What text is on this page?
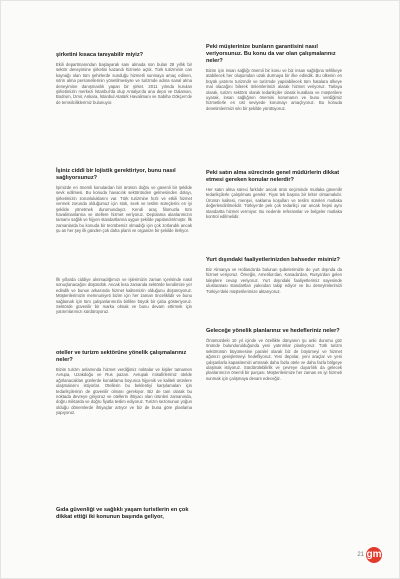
şirketini kısaca tanıyabilir miyiz?

Ekili departmanından başlayarak sanı almada son bulan 28 yıllık bir sektör deneyimine şirketini kazandı hizmete açtık. Türk turizminin can kaynağı olan tüm şehirlerde sunduğu hizmetli sunmaya amaç edinen, sıtrin alma personellerinin yönetilmesiyse ve turizmde adına sanal alma deneyimine danışmanlık yapan bir şirket. 2011 yılında kurulan şirketimizin merkezi İstanbul’da olup Antalya’da ana depo ve Dalaman, Bodrum, İzmir, Ankara, İstanbul Atatürk Havalimanı ve Sabiha Gökçen’de de temsilciliklerimiz bulunuyor.

İşiniz ciddi bir lojistik gerektiriyor, bunu nasıl sağlıyorsunuz?

İşimizde en önemli konulardan biri ürünün doğru ve güvenli bir şekilde sevk edilmesi. Bu konuda havacılık sektöründen gelmesinden dolayı, şirketimizin zorunluluklarını var. Türk turizmine hızlı ve etkili hizmet vermek zorunda olduğumuz için stok, sevk ve teslim süreçlerini en iyi şekilde yönetmek durumundayız. Kendi araç filomuzla tüm havalimanlarına ve otellere hizmet veriyoruz. Depolama alanlarımızın tamamı sağlık ve hijyen standartlarına uygun şekilde yapılandırılmıştır. İlk zamanlarda bu konuda bir tecrübemiz olmadığı için çok zorlandık ancak şu an her şey ilk günden çok daha planlı ve organize bir şekilde ilerliyor.
İlk yıllarda ciddiye alınmadığımızı ve işlerimizin zaman içerisinde nasıl sonuçlanacağını düşündük. Ancak kısa zamanda sektörde kendimize yer edindik ve bunun arkasında hizmet kalitemizin olduğunu düşünüyoruz. Müşterilerimizin memnuniyeti bizim için her zaman önceliklidir ve bunu sağlamak için tüm çalışanlarımızla birlikte büyük bir çaba gösteriyoruz. Sektörde güvenilir bir marka olmak ve bunu devam ettirmek için yatırımlarımızı sürdürüyoruz.

oteller ve turizm sektörüne yönelik çalışmalarınız neler?

Bizim turizm anlamında hizmet verdiğimiz noktalar ve kişiler tamamen Avrupa, Uzakdoğu ve Rus pazarı. Avrupalı misafirlerimiz otelde ağırlanacakları günlerde konaklama boyunca hijyenik ve kaliteli ürünlere ulaşmalarını istiyorlar. Otellerin bu beklentiyi karşılamaları için tedarikçilerinin de güvenilir olması gerekiyor. Biz de tam olarak bu noktada devreye giriyoruz ve otellerin ihtiyacı olan ürünleri zamanında, doğru miktarda ve doğru fiyatla teslim ediyoruz. Turizm sezonunun yoğun olduğu dönemlerde ihtiyaçlar artıyor ve biz de buna göre planlama yapıyoruz.

Gıda güvenliği ve sağlıklı yaşam turistlerin en çok dikkat ettiği iki konunun başında geliyor,

Peki müşterinize bunların garantisini nasıl veriyorsunuz. Bu konu da var olan çalışmalarınız neler?

Bizim için insan sağlığı önemli bir konu ve biz insan sağlığına tehlikeye atabilecek her oluşumdan uzak durmaya bir ilke edindik. Bu ülkenin en büyük yatırımı turizmdir ve turizmde yapılabilecek tüm hatalara ülkeye mal olacağını bilerek önlemlerimizi alarak hizmet veriyoruz. Tarlaya olarak, turizm sektörü olarak tedarikçiler olarak kurallara ve müşterilere uyarak, insan sağlığının önemini korumanın ve bunu verdiğimiz hizmetlerle en üst seviyede korumayı amaçlıyoruz. Bu konuda denetimlerimizi sıkı bir şekilde yürütüyoruz.

Peki satın alma sürecinde genel müdürlerin dikkat etmesi gereken konular nelerdir?

Her satın alma süreci farklıdır ancak ürün seçiminde mutlaka güvenilir tedarikçilerle çalışılması gerekir. Fiyat tek başına bir kriter olmamalıdır. Ürünün kalitesi, menşei, saklama koşulları ve teslim süreleri mutlaka değerlendirilmelidir. Türkiye’de pek çok tedarikçi var ancak hepsi aynı standartta hizmet vermiyor. Bu nedenle referanslar ve belgeler mutlaka kontrol edilmelidir.

Yurt dışındaki faaliyetlerinizden bahseder misiniz?

Biz Almanya ve Hollanda’da bulunan şubelerimizle de yurt dışında da hizmet veriyoruz. Örneğin, Amerika’dan, Kanada’dan, Rusya’dan gelen taleplere cevap veriyoruz. Yurt dışındaki faaliyetlerimiz sayesinde uluslararası standartları yakından takip ediyor ve bu deneyimlerimizi Türkiye’deki müşterilerimize aktarıyoruz.

Geleceğe yönelik planlarınız ve hedefleriniz neler?

Önümüzdeki 10 yıl içinde ve özellikle dünyanın şu anki durumu göz önünde bulundurulduğunda yeni yatırımlar planlıyoruz. Türk turizm sektörünün büyümesine paralel olarak biz de büyümeyi ve hizmet ağımızı genişletmeyi hedefliyoruz. Yeni depolar, yeni araçlar ve yeni çalışanlarla kapasitemizi artırarak daha fazla otele ve daha fazla bölgeye ulaşmak istiyoruz. Sürdürülebilirlik ve çevreye duyarlılık da gelecek planlarımızın önemli bir parçası. Müşterilerimize her zaman en iyi hizmeti sunmak için çalışmaya devam edeceğiz.
21 gm
